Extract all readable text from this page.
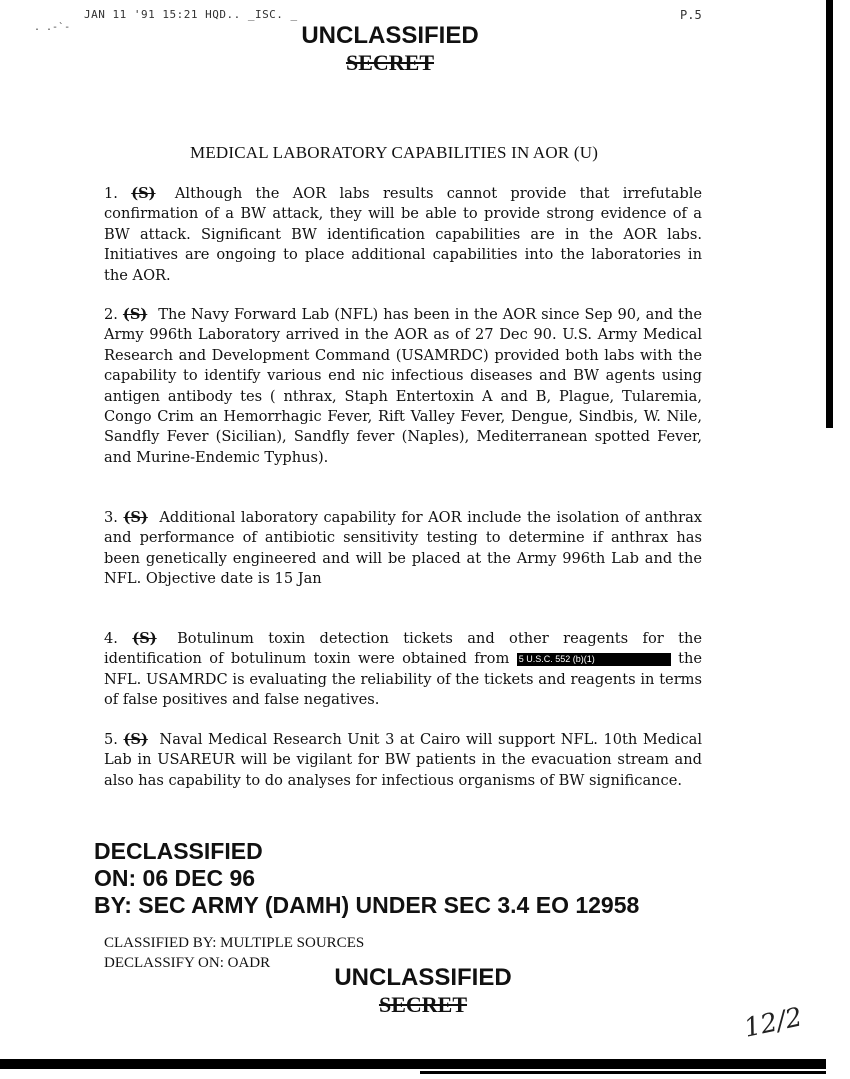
JAN 11 '91 15:21 HQD.. _ISC. _	P.5
. .-`-	UNCLASSIFIED
SECRET
MEDICAL LABORATORY CAPABILITIES IN AOR (U)
1. (S) Although the AOR labs results cannot provide that irrefutable confirmation of a BW attack, they will be able to provide strong evidence of a BW attack. Significant BW identification capabilities are in the AOR labs. Initiatives are ongoing to place additional capabilities into the laboratories in the AOR.
2. (S) The Navy Forward Lab (NFL) has been in the AOR since Sep 90, and the Army 996th Laboratory arrived in the AOR as of 27 Dec 90. U.S. Army Medical Research and Development Command (USAMRDC) provided both labs with the capability to identify various end nic infectious diseases and BW agents using antigen antibody tes ( nthrax, Staph Entertoxin A and B, Plague, Tularemia, Congo Crim an Hemorrhagic Fever, Rift Valley Fever, Dengue, Sindbis, W. Nile, Sandfly Fever (Sicilian), Sandfly fever (Naples), Mediterranean spotted Fever, and Murine-Endemic Typhus).
3. (S) Additional laboratory capability for AOR include the isolation of anthrax and performance of antibiotic sensitivity testing to determine if anthrax has been genetically engineered and will be placed at the Army 996th Lab and the NFL. Objective date is 15 Jan
4. (S) Botulinum toxin detection tickets and other reagents for the identification of botulinum toxin were obtained from 5 U.S.C. 552 (b)(1)	the NFL. USAMRDC is evaluating the reliability of the tickets and reagents in terms of false positives and false negatives.
5. (S) Naval Medical Research Unit 3 at Cairo will support NFL. 10th Medical Lab in USAREUR will be vigilant for BW patients in the evacuation stream and also has capability to do analyses for infectious organisms of BW significance.
DECLASSIFIED
ON: 06 DEC 96
BY: SEC ARMY (DAMH) UNDER SEC 3.4 EO 12958
CLASSIFIED BY: MULTIPLE SOURCES
DECLASSIFY ON: OADR
UNCLASSIFIED
SECRET	12/2
